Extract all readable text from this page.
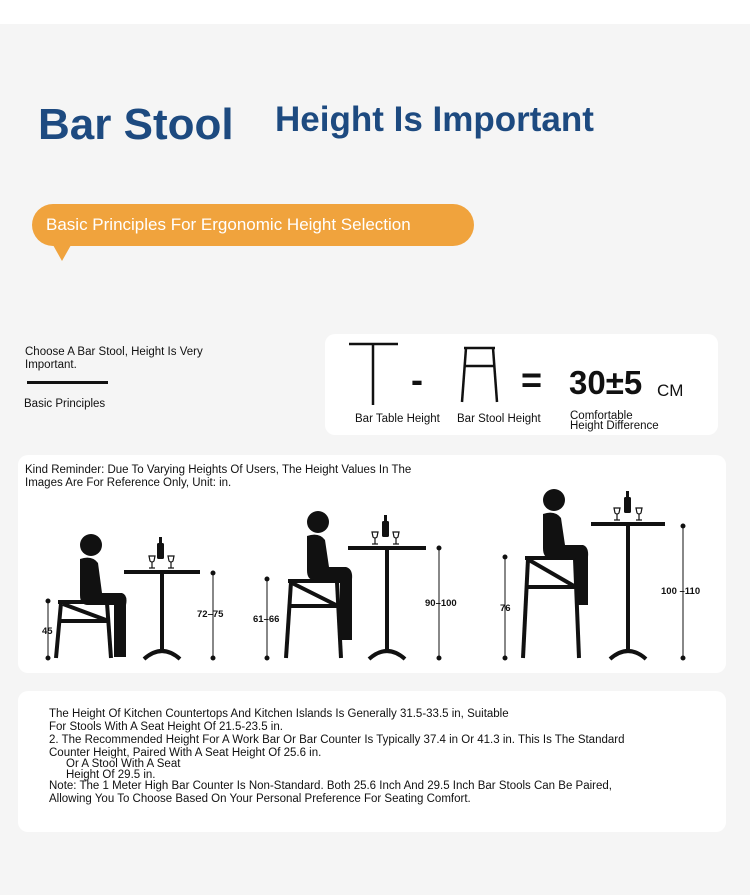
Bar Stool Height Is Important
Basic Principles For Ergonomic Height Selection
Choose A Bar Stool, Height Is Very Important.
Basic Principles
-	= 30±5 CM
Bar Table Height Bar Stool Height	Comfortable
Height Difference
Kind Reminder: Due To Varying Heights Of Users, The Height Values In The Images Are For Reference Only, Unit: in.
45
72–75	61–66
90–100	76
100 –110
The Height Of Kitchen Countertops And Kitchen Islands Is Generally 31.5-33.5 in, Suitable
For Stools With A Seat Height Of 21.5-23.5 in.
2. The Recommended Height For A Work Bar Or Bar Counter Is Typically 37.4 in Or 41.3 in. This Is The Standard
Counter Height, Paired With A Seat Height Of 25.6 in.
Or A Stool With A Seat
Height Of 29.5 in.
Note: The 1 Meter High Bar Counter Is Non-Standard. Both 25.6 Inch And 29.5 Inch Bar Stools Can Be Paired,
Allowing You To Choose Based On Your Personal Preference For Seating Comfort.
